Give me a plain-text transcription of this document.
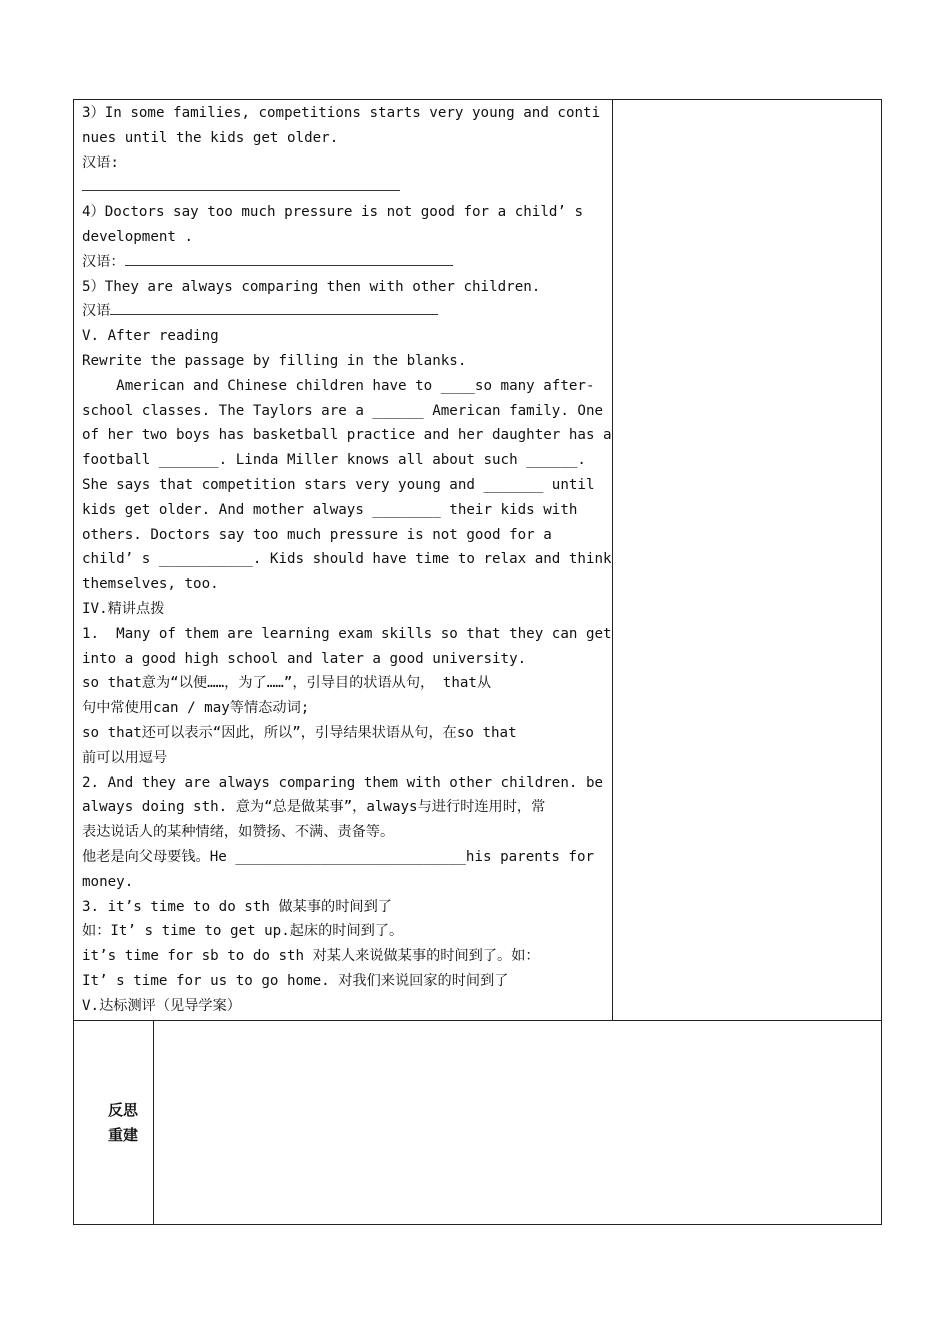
3）In some families, competitions starts very young and conti
nues until the kids get older.
汉语:
4）Doctors say too much pressure is not good for a child’ s
development .
汉语：
5）They are always comparing then with other children.
汉语
V. After reading
Rewrite the passage by filling in the blanks.
American and Chinese children have to ____so many after-
school classes. The Taylors are a ______ American family. One
of her two boys has basketball practice and her daughter has a
football _______. Linda Miller knows all about such ______.
She says that competition stars very young and _______ until
kids get older. And mother always ________ their kids with
others. Doctors say too much pressure is not good for a
child’ s ___________. Kids should have time to relax and think
themselves, too.
IV.精讲点拨
1.  Many of them are learning exam skills so that they can get
into a good high school and later a good university.
so that意为“以便……，为了……”，引导目的状语从句， that从
句中常使用can / may等情态动词;
so that还可以表示“因此，所以”，引导结果状语从句，在so that
前可以用逗号
2. And they are always comparing them with other children. be
always doing sth. 意为“总是做某事”，always与进行时连用时，常
表达说话人的某种情绪，如赞扬、不满、责备等。
他老是向父母要钱。He ___________________________his parents for
money.
3. it’s time to do sth 做某事的时间到了
如：It’ s time to get up.起床的时间到了。
it’s time for sb to do sth 对某人来说做某事的时间到了。如：
It’ s time for us to go home. 对我们来说回家的时间到了
V.达标测评（见导学案）
反思
重建
